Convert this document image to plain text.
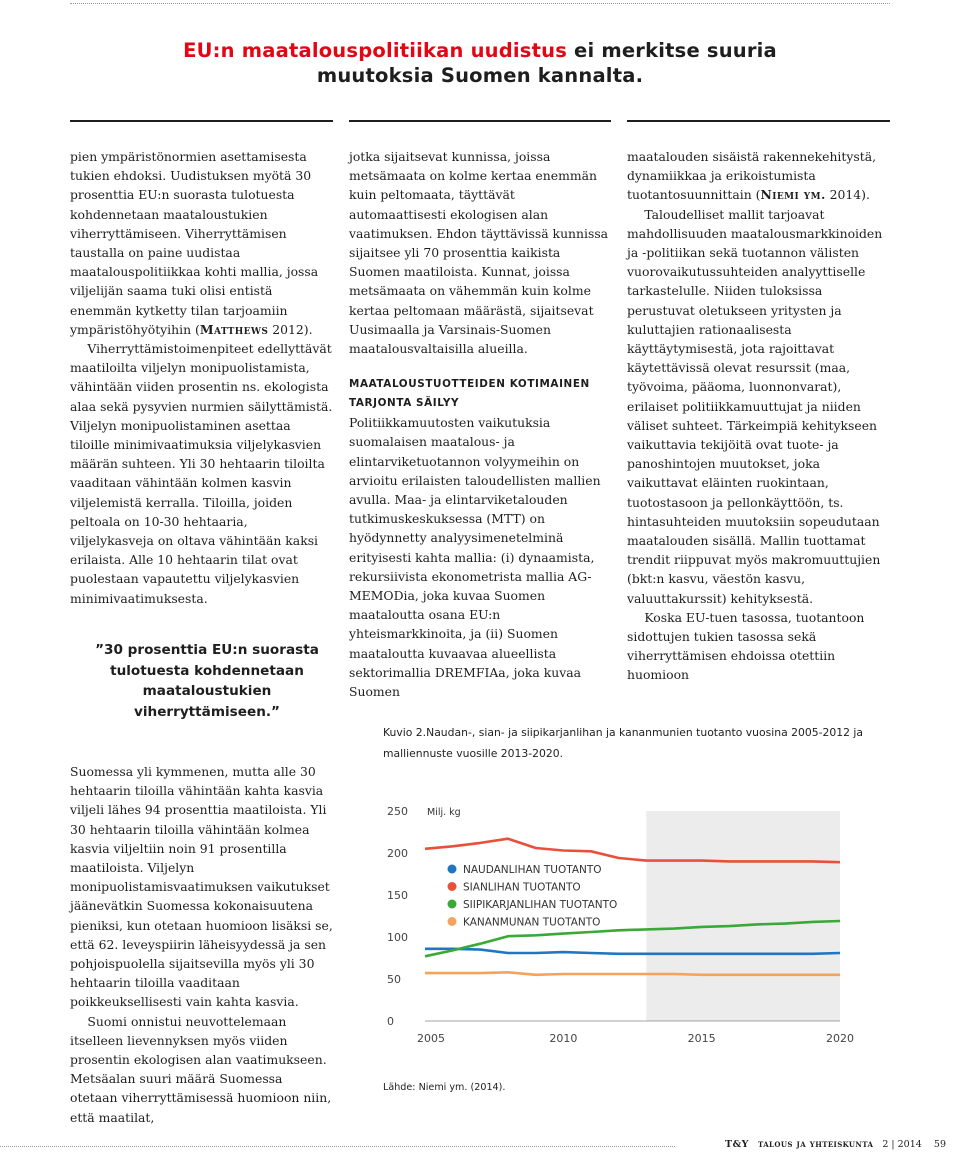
EU:n maatalouspolitiikan uudistus ei merkitse suuria
muutoksia Suomen kannalta.

pien ympäristönormien asettamisesta tukien ehdoksi. Uudistuksen myötä 30 prosenttia EU:n suorasta tulotuesta kohdennetaan maataloustukien viherryttämiseen. Viherryttämisen taustalla on paine uudistaa maatalouspolitiikkaa kohti mallia, jossa viljelijän saama tuki olisi entistä enemmän kytketty tilan tarjoamiin ympäristöhyötyihin (Matthews 2012).

Viherryttämistoimenpiteet edellyttävät maatiloilta viljelyn monipuolistamista, vähintään viiden prosentin ns. ekologista alaa sekä pysyvien nurmien säilyttämistä. Viljelyn monipuolistaminen asettaa tiloille minimivaatimuksia viljelykasvien määrän suhteen. Yli 30 hehtaarin tiloilta vaaditaan vähintään kolmen kasvin viljelemistä kerralla. Tiloilla, joiden peltoala on 10-30 hehtaaria, viljelykasveja on oltava vähintään kaksi erilaista. Alle 10 hehtaarin tilat ovat puolestaan vapautettu viljelykasvien minimivaatimuksesta.

”30 prosenttia EU:n suorasta tulotuesta kohdennetaan maataloustukien viherryttämiseen.”

Suomessa yli kymmenen, mutta alle 30 hehtaarin tiloilla vähintään kahta kasvia viljeli lähes 94 prosenttia maatiloista. Yli 30 hehtaarin tiloilla vähintään kolmea kasvia viljeltiin noin 91 prosentilla maatiloista. Viljelyn monipuolistamisvaatimuksen vaikutukset jäänevätkin Suomessa kokonaisuutena pieniksi, kun otetaan huomioon lisäksi se, että 62. leveyspiirin läheisyydessä ja sen pohjoispuolella sijaitsevilla myös yli 30 hehtaarin tiloilla vaaditaan poikkeuksellisesti vain kahta kasvia.

Suomi onnistui neuvottelemaan itselleen lievennyksen myös viiden prosentin ekologisen alan vaatimukseen. Metsäalan suuri määrä Suomessa otetaan viherryttämisessä huomioon niin, että maatilat,

jotka sijaitsevat kunnissa, joissa metsämaata on kolme kertaa enemmän kuin peltomaata, täyttävät automaattisesti ekologisen alan vaatimuksen. Ehdon täyttävissä kunnissa sijaitsee yli 70 prosenttia kaikista Suomen maatiloista. Kunnat, joissa metsämaata on vähemmän kuin kolme kertaa peltomaan määrästä, sijaitsevat Uusimaalla ja Varsinais-Suomen maatalousvaltaisilla alueilla.

MAATALOUSTUOTTEIDEN KOTIMAINEN TARJONTA SÄILYY

Politiikkamuutosten vaikutuksia suomalaisen maatalous- ja elintarviketuotannon volyymeihin on arvioitu erilaisten taloudellisten mallien avulla. Maa- ja elintarviketalouden tutkimuskeskuksessa (MTT) on hyödynnetty analyysimenetelminä erityisesti kahta mallia: (i) dynaamista, rekursiivista ekonometrista mallia AG-MEMODia, joka kuvaa Suomen maataloutta osana EU:n yhteismarkkinoita, ja (ii) Suomen maataloutta kuvaavaa alueellista sektorimallia DREMFIAa, joka kuvaa Suomen

maatalouden sisäistä rakennekehitystä, dynamiikkaa ja erikoistumista tuotantosuunnittain (Niemi ym. 2014).

Taloudelliset mallit tarjoavat mahdollisuuden maatalousmarkkinoiden ja -politiikan sekä tuotannon välisten vuorovaikutussuhteiden analyyttiselle tarkastelulle. Niiden tuloksissa perustuvat oletukseen yritysten ja kuluttajien rationaalisesta käyttäytymisestä, jota rajoittavat käytettävissä olevat resurssit (maa, työvoima, pääoma, luonnonvarat), erilaiset politiikkamuuttujat ja niiden väliset suhteet. Tärkeimpiä kehitykseen vaikuttavia tekijöitä ovat tuote- ja panoshintojen muutokset, joka vaikuttavat eläinten ruokintaan, tuotostasoon ja pellonkäyttöön, ts. hintasuhteiden muutoksiin sopeudutaan maatalouden sisällä. Mallin tuottamat trendit riippuvat myös makromuuttujien (bkt:n kasvu, väestön kasvu, valuuttakurssit) kehityksestä.

Koska EU-tuen tasossa, tuotantoon sidottujen tukien tasossa sekä viherryttämisen ehdoissa otettiin huomioon

Kuvio 2.Naudan-, sian- ja siipikarjanlihan ja kananmunien tuotanto vuosina 2005-2012 ja
malliennuste vuosille 2013-2020.
0
50
100
150
200
250
2005	2010	2015	2020
Milj. kg
NAUDANLIHAN TUOTANTO
SIANLIHAN TUOTANTO
SIIPIKARJANLIHAN TUOTANTO
KANANMUNAN TUOTANTO
Lähde: Niemi ym. (2014).
T&Y talous ja yhteiskunta 2 | 2014 59
